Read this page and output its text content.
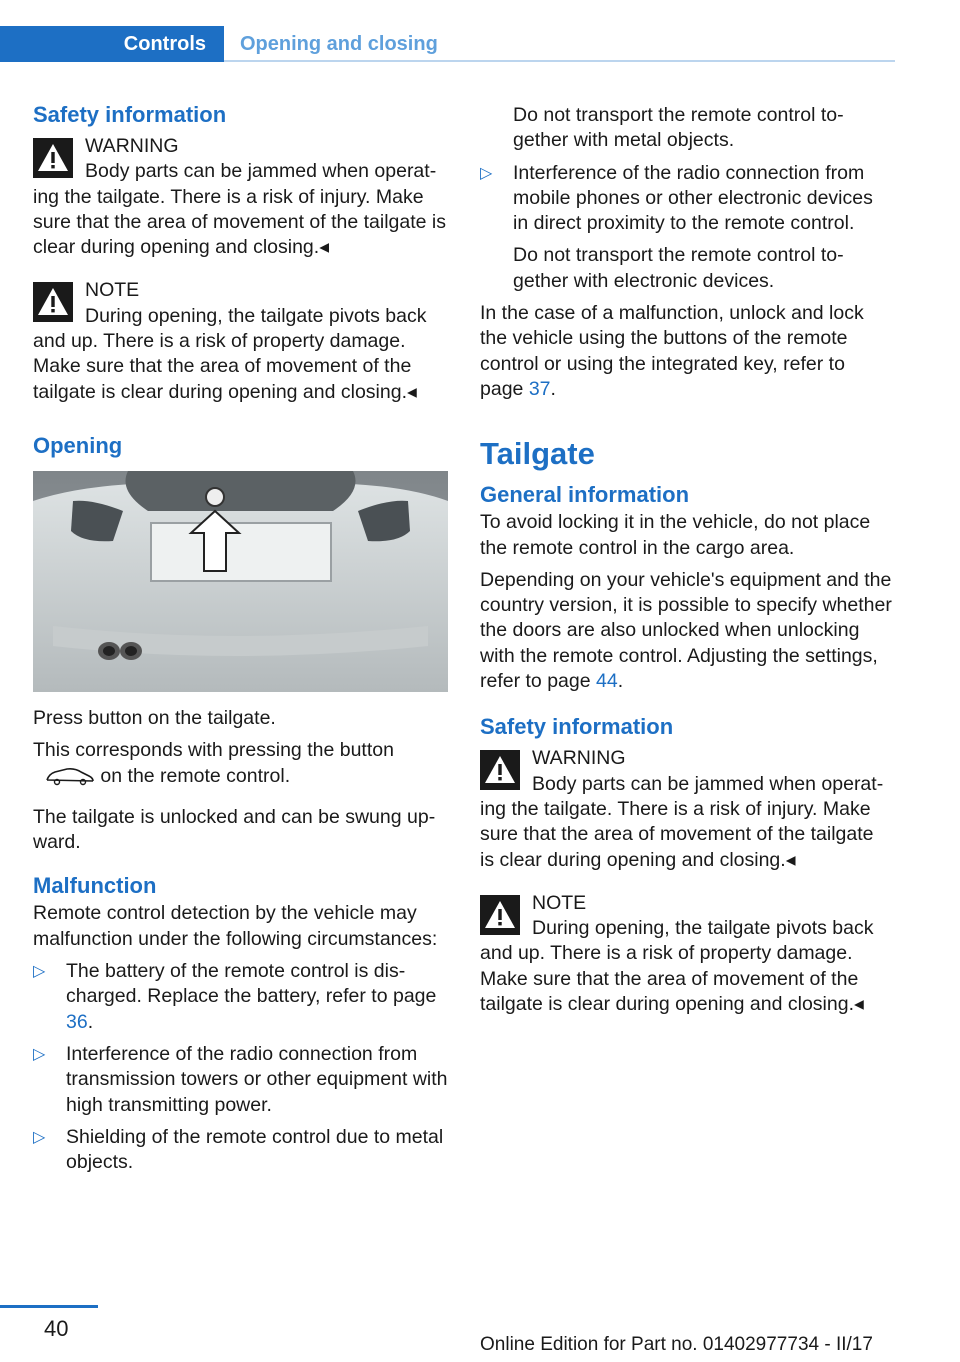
Controls	Opening and closing
Safety information
WARNING
Body parts can be jammed when operating the tailgate. There is a risk of injury. Make sure that the area of movement of the tailgate is clear during opening and closing.◂
NOTE
During opening, the tailgate pivots back and up. There is a risk of property damage. Make sure that the area of movement of the tailgate is clear during opening and closing.◂
Opening

Press button on the tailgate.

This corresponds with pressing the button
on the remote control.

The tailgate is unlocked and can be swung upward.

Malfunction

Remote control detection by the vehicle may malfunction under the following circumstances:

▷ The battery of the remote control is discharged. Replace the battery, refer to page 36.
▷ Interference of the radio connection from transmission towers or other equipment with high transmitting power.
▷ Shielding of the remote control due to metal objects.

Do not transport the remote control together with metal objects.

▷ Interference of the radio connection from mobile phones or other electronic devices in direct proximity to the remote control.

Do not transport the remote control together with electronic devices.

In the case of a malfunction, unlock and lock the vehicle using the buttons of the remote control or using the integrated key, refer to page 37.

Tailgate
General information

To avoid locking it in the vehicle, do not place the remote control in the cargo area.

Depending on your vehicle's equipment and the country version, it is possible to specify whether the doors are also unlocked when unlocking with the remote control. Adjusting the settings, refer to page 44.

Safety information
WARNING
Body parts can be jammed when operating the tailgate. There is a risk of injury. Make sure that the area of movement of the tailgate is clear during opening and closing.◂
NOTE
During opening, the tailgate pivots back and up. There is a risk of property damage. Make sure that the area of movement of the tailgate is clear during opening and closing.◂
40
Online Edition for Part no. 01402977734 - II/17
